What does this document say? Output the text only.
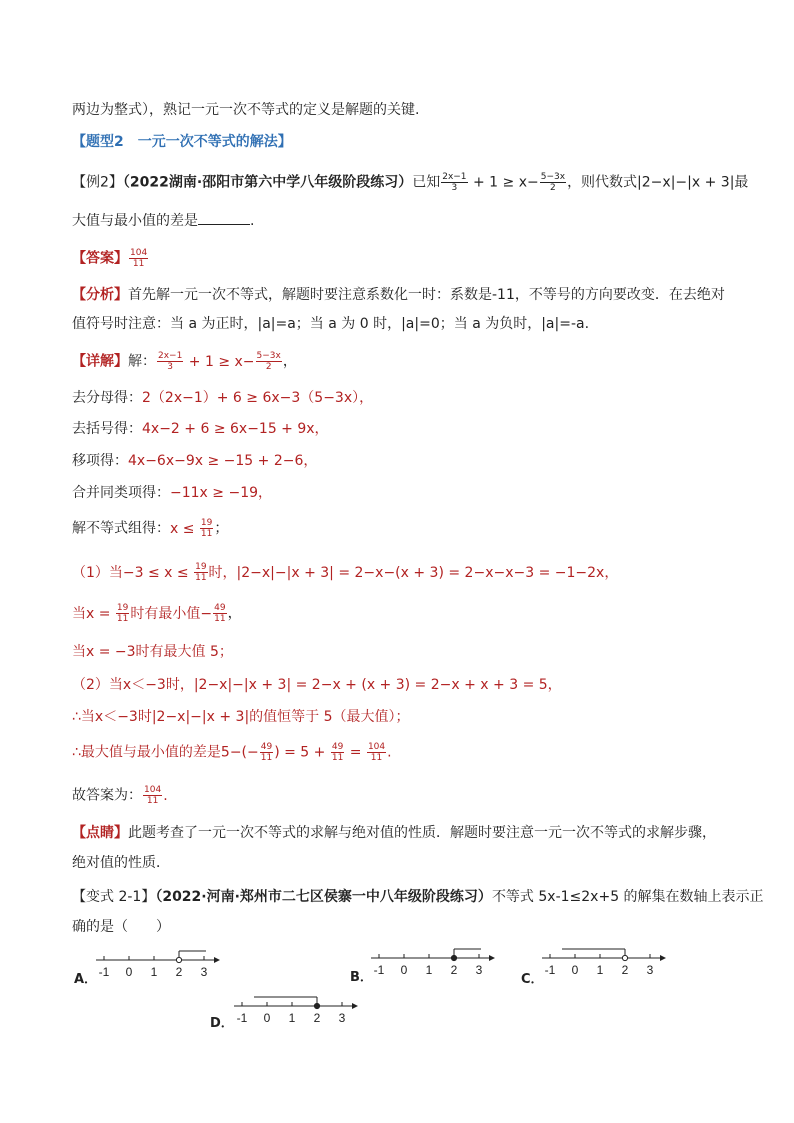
两边为整式），熟记一元一次不等式的定义是解题的关键.
【题型2　一元一次不等式的解法】
【例2】（2022湖南·邵阳市第六中学八年级阶段练习）已知 $\frac{2x-1}{3} + 1 \ge x- \frac{5-3x}{2}$ ，则代数式|2−x|−|x + 3|最
大值与最小值的差是	.
【答案】 $\frac{104}{11}$
【分析】首先解一元一次不等式，解题时要注意系数化一时：系数是-11，不等号的方向要改变．在去绝对
值符号时注意：当 a 为正时，|a|=a；当 a 为 0 时，|a|=0；当 a 为负时，|a|=-a.
【详解】解： $\frac{2x-1}{3} + 1 \ge x- \frac{5-3x}{2}$ ，
去分母得：2（2x−1）+ 6 ≥ 6x−3（5−3x），
去括号得：4x−2 + 6 ≥ 6x−15 + 9x，
移项得：4x−6x−9x ≥ −15 + 2−6，
合并同类项得：−11x ≥ −19，
解不等式组得：$x \le \frac{19}{11}$ ；
（1）当$-3 \le x \le \frac{19}{11}$ 时，|2−x|−|x + 3| = 2−x−(x + 3) = 2−x−x−3 = −1−2x，
当$x = \frac{19}{11}$ 时有最小值− $\frac{49}{11}$ ，
当x = −3时有最大值 5；
（2）当x＜−3时，|2−x|−|x + 3| = 2−x + (x + 3) = 2−x + x + 3 = 5，
∴当x＜−3时|2−x|−|x + 3|的值恒等于 5（最大值）；
∴最大值与最小值的差是$5-(- \frac{49}{11}$ ) = $5 + \frac{49}{11} = \frac{104}{11}$ .
故答案为： $\frac{104}{11}$ .
【点睛】此题考查了一元一次不等式的求解与绝对值的性质．解题时要注意一元一次不等式的求解步骤，
绝对值的性质．
【变式 2-1】（2022·河南·郑州市二七区侯寨一中八年级阶段练习）不等式 5x-1≤2x+5 的解集在数轴上表示正
确的是（　　）
A． -1 0 1 2 3	B． -1 0 1 2 3
C．
-1 0 1 2 3
D． -1 0 1 2 3
